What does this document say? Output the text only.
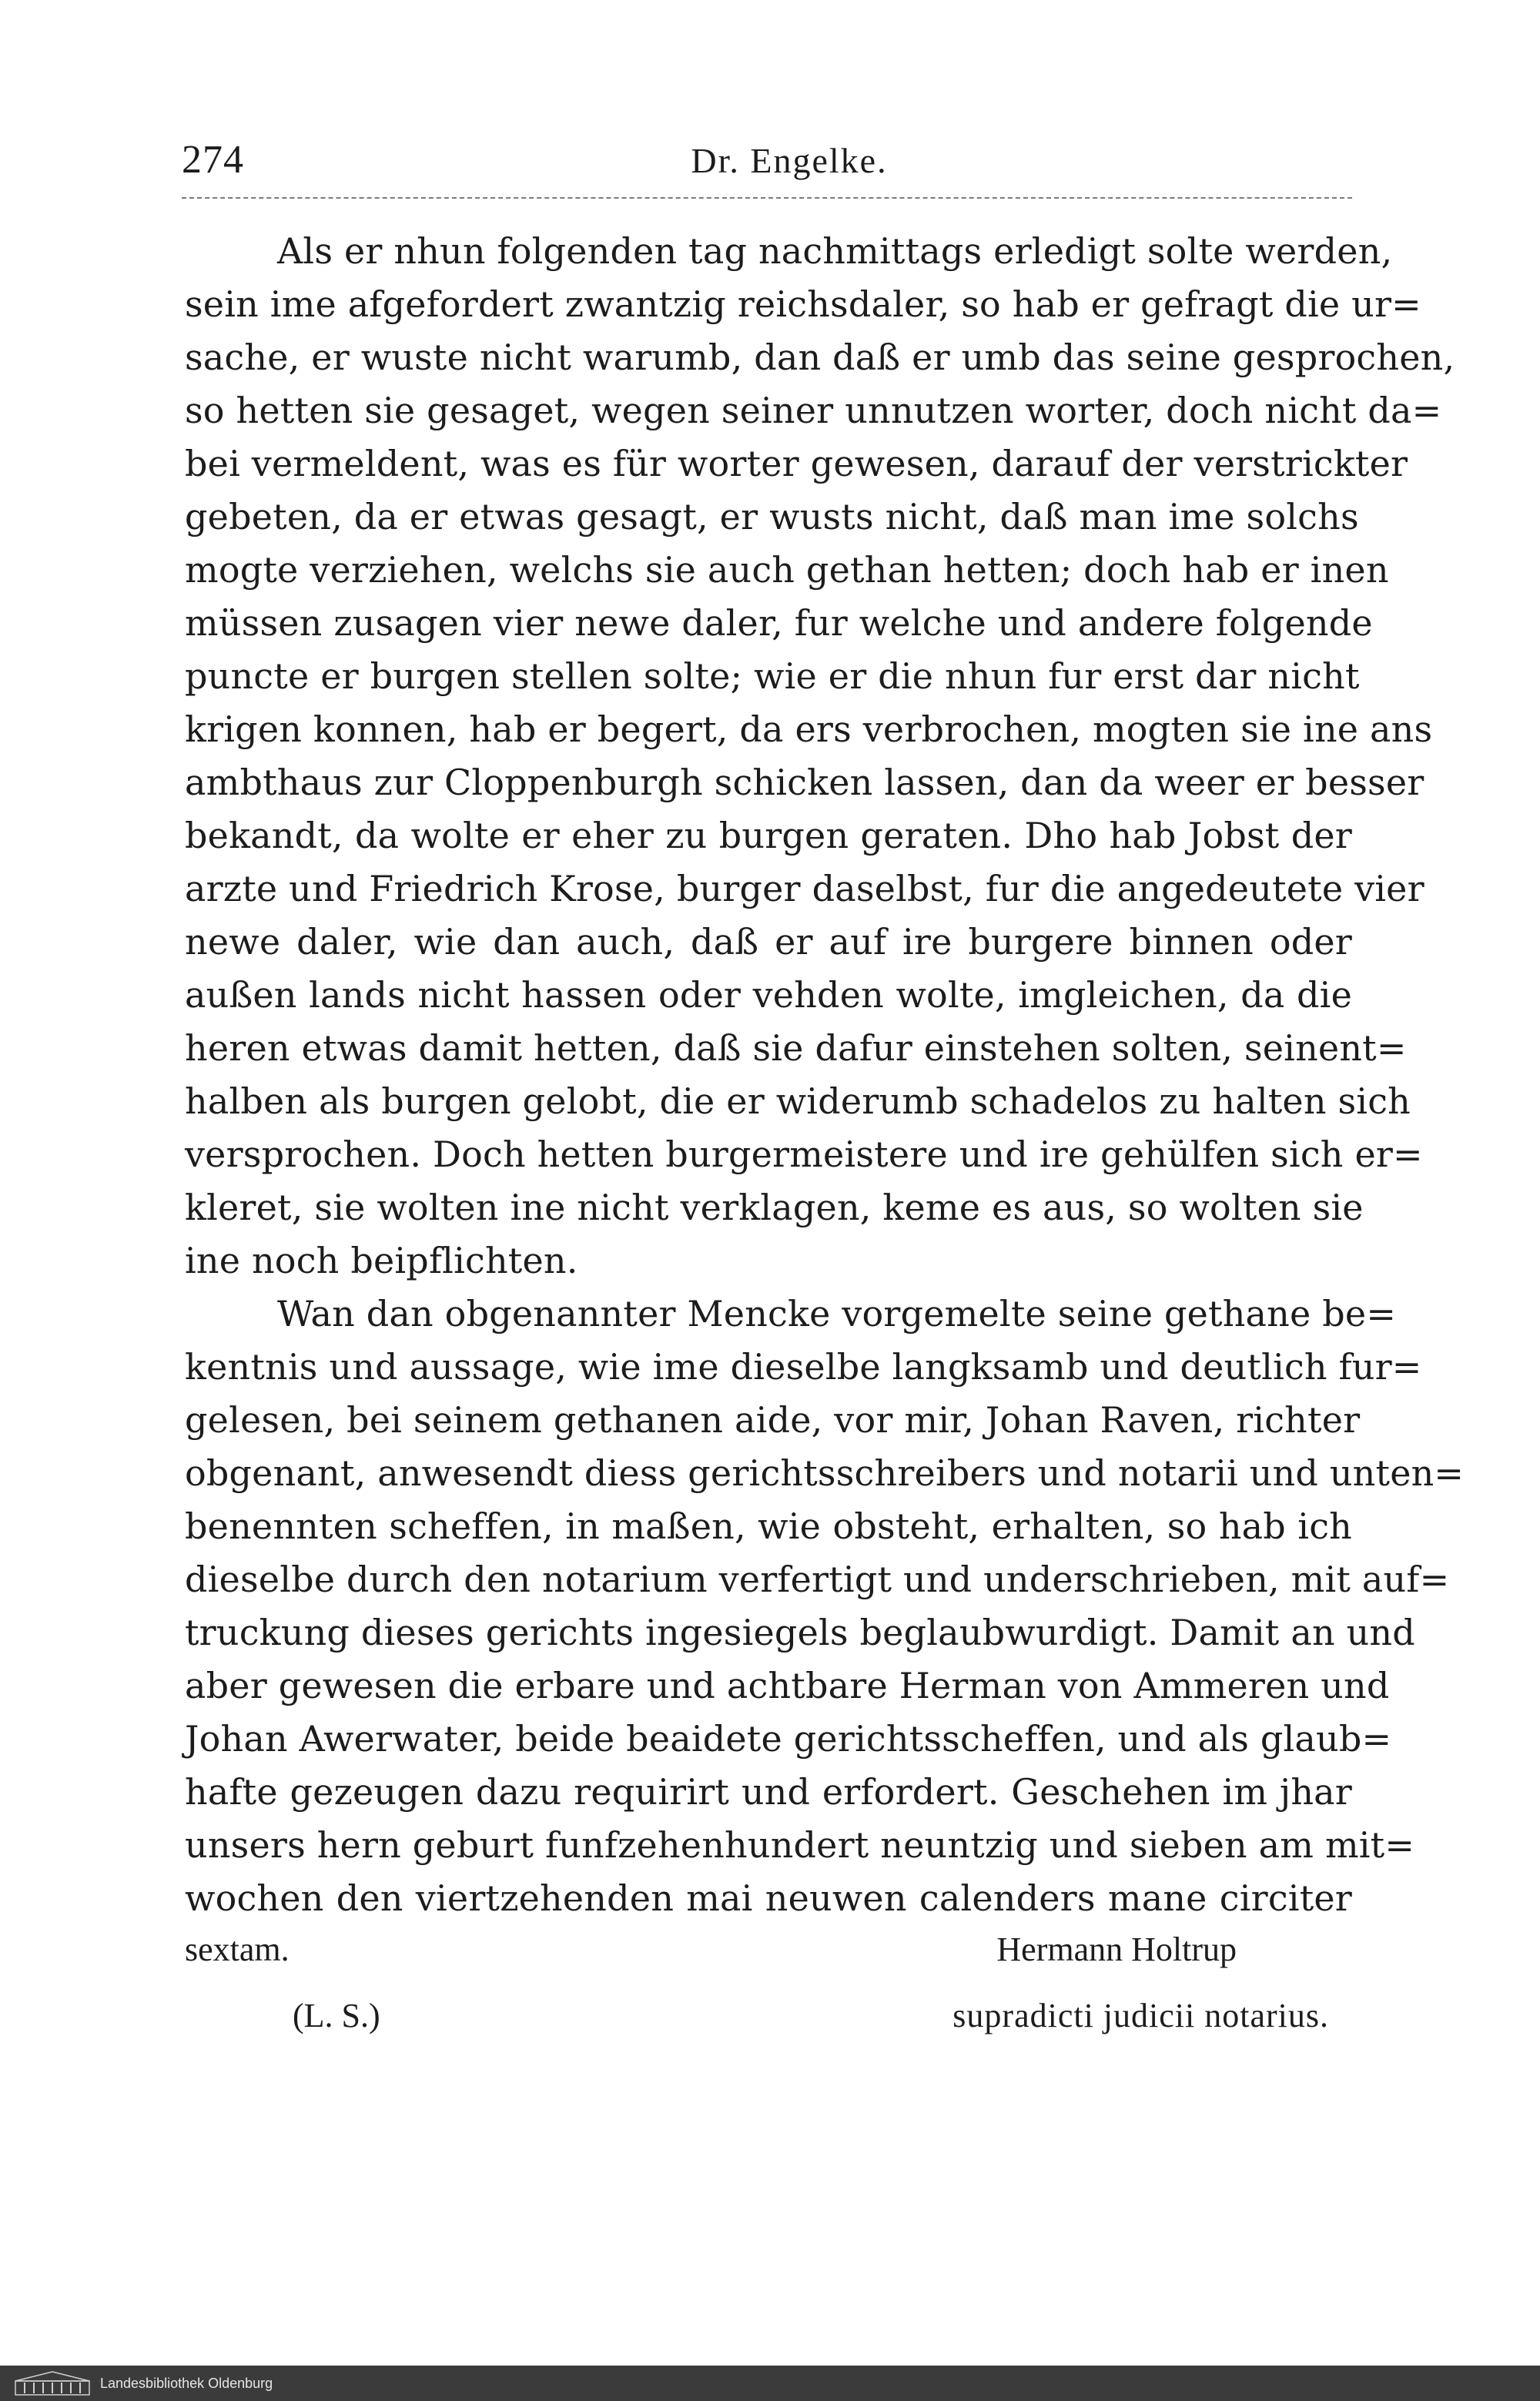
274	Dr. Engelke.
Als er nhun folgenden tag nachmittags erledigt solte werden,
sein ime afgefordert zwantzig reichsdaler, so hab er gefragt die ur=
sache, er wuste nicht warumb, dan daß er umb das seine gesprochen,
so hetten sie gesaget, wegen seiner unnutzen worter, doch nicht da=
bei vermeldent, was es für worter gewesen, darauf der verstrickter
gebeten, da er etwas gesagt, er wusts nicht, daß man ime solchs
mogte verziehen, welchs sie auch gethan hetten; doch hab er inen
müssen zusagen vier newe daler, fur welche und andere folgende
puncte er burgen stellen solte; wie er die nhun fur erst dar nicht
krigen konnen, hab er begert, da ers verbrochen, mogten sie ine ans
ambthaus zur Cloppenburgh schicken lassen, dan da weer er besser
bekandt, da wolte er eher zu burgen geraten. Dho hab Jobst der
arzte und Friedrich Krose, burger daselbst, fur die angedeutete vier
newe daler, wie dan auch, daß er auf ire burgere binnen oder
außen lands nicht hassen oder vehden wolte, imgleichen, da die
heren etwas damit hetten, daß sie dafur einstehen solten, seinent=
halben als burgen gelobt, die er widerumb schadelos zu halten sich
versprochen. Doch hetten burgermeistere und ire gehülfen sich er=
kleret, sie wolten ine nicht verklagen, keme es aus, so wolten sie
ine noch beipflichten.
Wan dan obgenannter Mencke vorgemelte seine gethane be=
kentnis und aussage, wie ime dieselbe langksamb und deutlich fur=
gelesen, bei seinem gethanen aide, vor mir, Johan Raven, richter
obgenant, anwesendt diess gerichtsschreibers und notarii und unten=
benennten scheffen, in maßen, wie obsteht, erhalten, so hab ich
dieselbe durch den notarium verfertigt und underschrieben, mit auf=
truckung dieses gerichts ingesiegels beglaubwurdigt. Damit an und
aber gewesen die erbare und achtbare Herman von Ammeren und
Johan Awerwater, beide beaidete gerichtsscheffen, und als glaub=
hafte gezeugen dazu requirirt und erfordert. Geschehen im jhar
unsers hern geburt funfzehenhundert neuntzig und sieben am mit=
wochen den viertzehenden mai neuwen calenders mane circiter
sextam.	Hermann Holtrup
(L. S.)	supradicti judicii notarius.
Landesbibliothek Oldenburg
